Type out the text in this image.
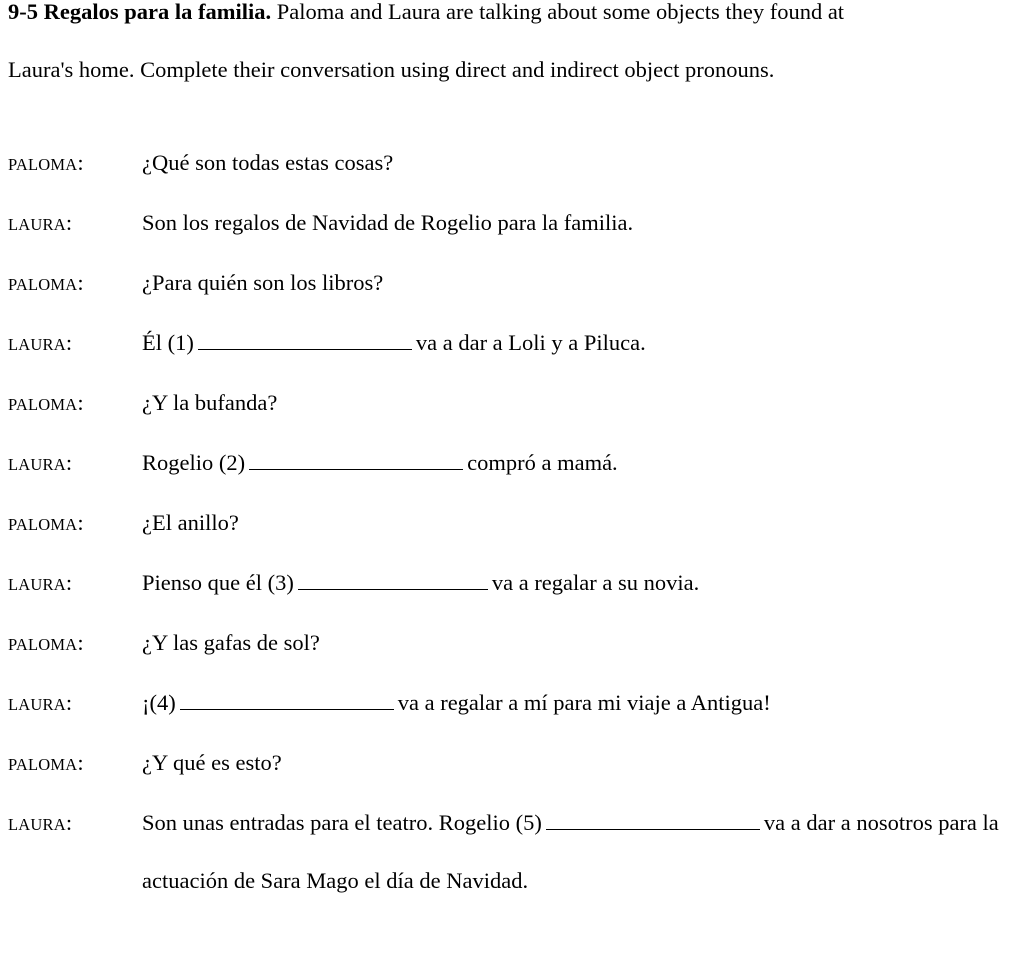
9-5 Regalos para la familia. Paloma and Laura are talking about some objects they found at Laura's home. Complete their conversation using direct and indirect object pronouns.

PALOMA:	¿Qué son todas estas cosas?
LAURA:	Son los regalos de Navidad de Rogelio para la familia.
PALOMA:	¿Para quién son los libros?
LAURA:	Él (1)	va a dar a Loli y a Piluca.
PALOMA:	¿Y la bufanda?
LAURA:	Rogelio (2)	compró a mamá.
PALOMA:	¿El anillo?
LAURA:	Pienso que él (3)	va a regalar a su novia.
PALOMA:	¿Y las gafas de sol?
LAURA:	¡(4)	va a regalar a mí para mi viaje a Antigua!
PALOMA:	¿Y qué es esto?
LAURA:	Son unas entradas para el teatro. Rogelio (5)	va a dar a nosotros para la actuación de Sara Mago el día de Navidad.
